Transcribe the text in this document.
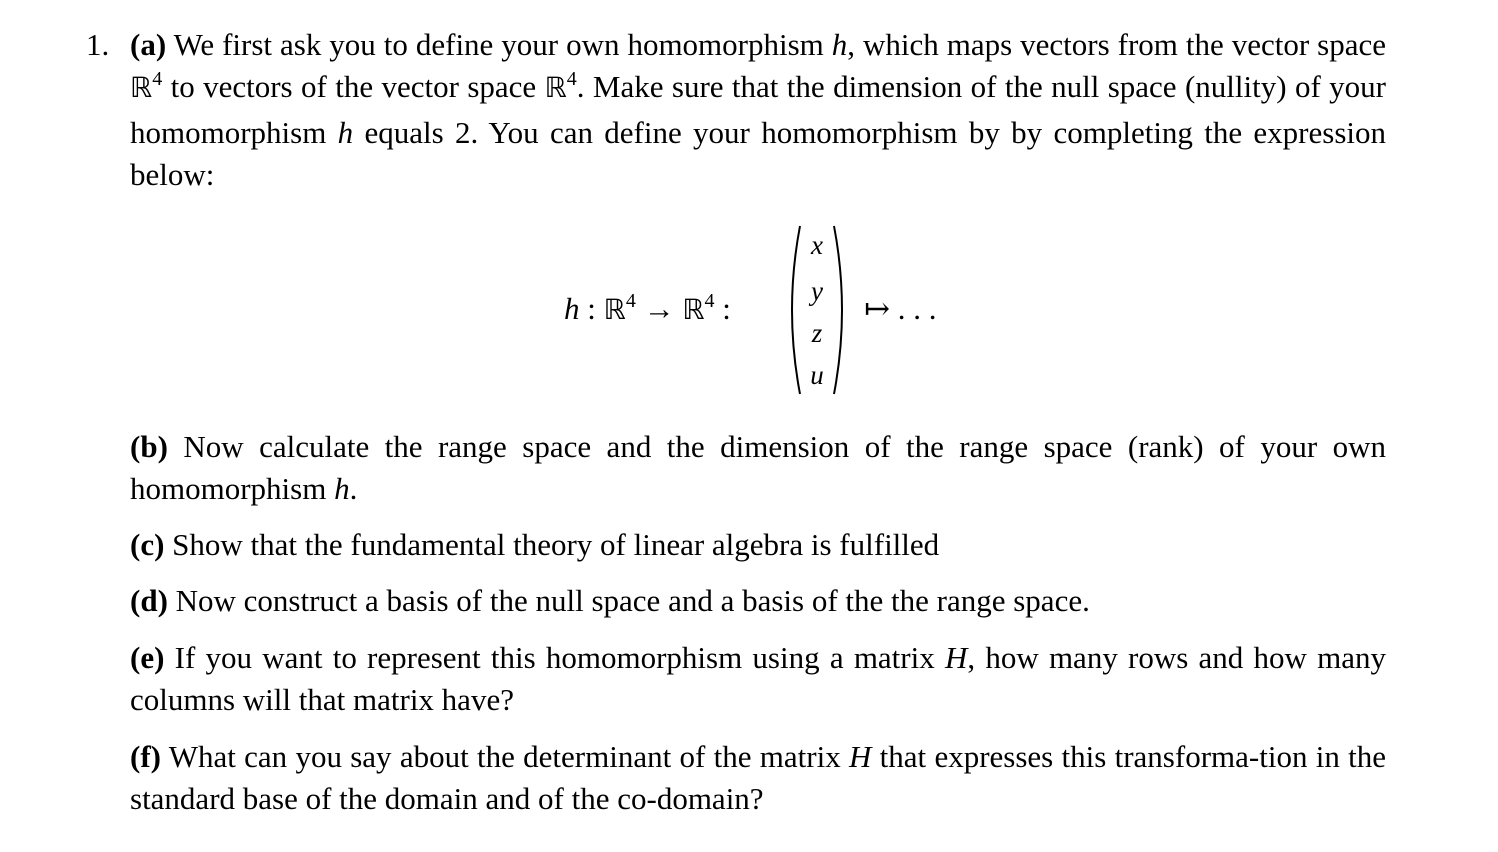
1. (a) We first ask you to define your own homomorphism h, which maps vectors from the vector space ℝ$^4$ to vectors of the vector space ℝ$^4$. Make sure that the dimension of the null space (nullity) of your homomorphism h equals 2. You can define your homomorphism by by completing the expression below:
h : ℝ$^4$ → ℝ$^4$ :
x
y
z
u
↦ . . .
(b) Now calculate the range space and the dimension of the range space (rank) of your own homomorphism h.
(c) Show that the fundamental theory of linear algebra is fulfilled
(d) Now construct a basis of the null space and a basis of the the range space.
(e) If you want to represent this homomorphism using a matrix H, how many rows and how many columns will that matrix have?
(f) What can you say about the determinant of the matrix H that expresses this transforma-tion in the standard base of the domain and of the co-domain?
